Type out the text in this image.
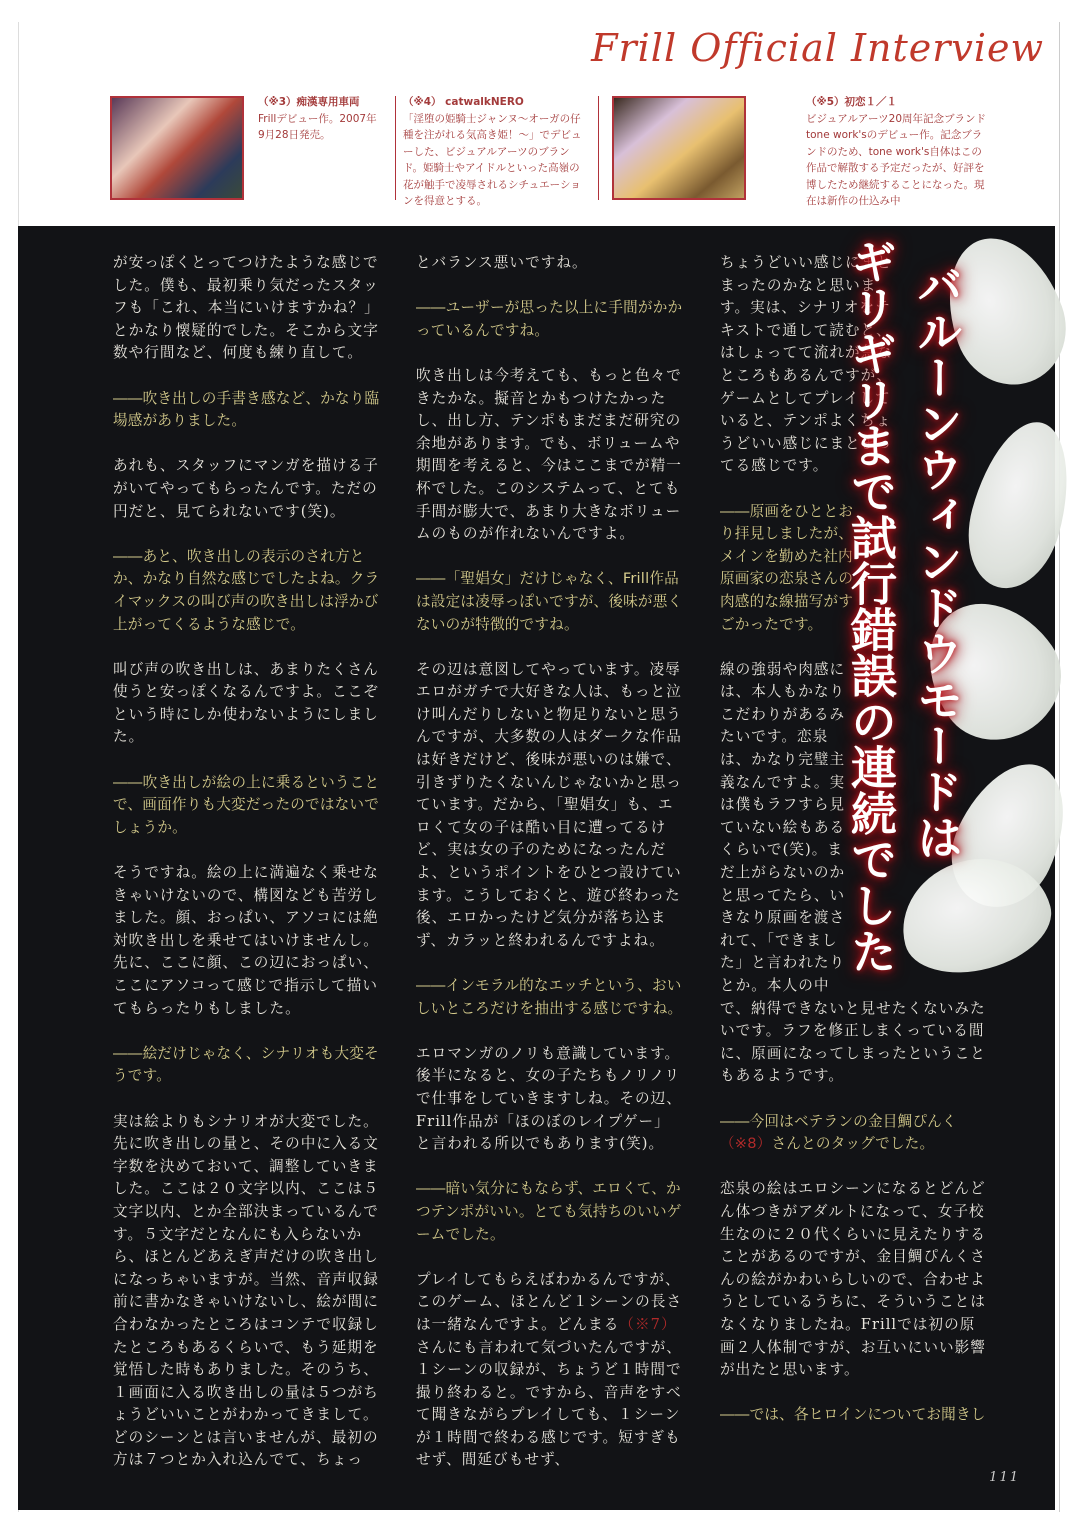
Frill Official Interview
（※3）痴漢専用車両
Frillデビュー作。2007年9月28日発売。
（※4） catwalkNERO
「淫堕の姫騎士ジャンヌ～オーガの仔種を注がれる気高き姫！～」でデビューした、ビジュアルアーツのブランド。姫騎士やアイドルといった高嶺の花が触手で凌辱されるシチュエーションを得意とする。
（※5）初恋１／１
ビジュアルアーツ20周年記念ブランドtone work'sのデビュー作。記念ブランドのため、tone work's自体はこの作品で解散する予定だったが、好評を博したため継続することになった。現在は新作の仕込み中

が安っぽくとってつけたような感じでした。僕も、最初乗り気だったスタッフも「これ、本当にいけますかね？」とかなり懐疑的でした。そこから文字数や行間など、何度も練り直して。

――吹き出しの手書き感など、かなり臨場感がありました。

あれも、スタッフにマンガを描ける子がいてやってもらったんです。ただの円だと、見てられないです(笑)。

――あと、吹き出しの表示のされ方とか、かなり自然な感じでしたよね。クライマックスの叫び声の吹き出しは浮かび上がってくるような感じで。

叫び声の吹き出しは、あまりたくさん使うと安っぽくなるんですよ。ここぞという時にしか使わないようにしました。

――吹き出しが絵の上に乗るということで、画面作りも大変だったのではないでしょうか。

そうですね。絵の上に満遍なく乗せなきゃいけないので、構図なども苦労しました。顔、おっぱい、アソコには絶対吹き出しを乗せてはいけませんし。先に、ここに顔、この辺におっぱい、ここにアソコって感じで指示して描いてもらったりもしました。

――絵だけじゃなく、シナリオも大変そうです。

実は絵よりもシナリオが大変でした。先に吹き出しの量と、その中に入る文字数を決めておいて、調整していきました。ここは２０文字以内、ここは５文字以内、とか全部決まっているんです。５文字だとなんにも入らないから、ほとんどあえぎ声だけの吹き出しになっちゃいますが。当然、音声収録前に書かなきゃいけないし、絵が間に合わなかったところはコンテで収録したところもあるくらいで、もう延期を覚悟した時もありました。そのうち、１画面に入る吹き出しの量は５つがちょうどいいことがわかってきまして。どのシーンとは言いませんが、最初の方は７つとか入れ込んでて、ちょっ

とバランス悪いですね。

――ユーザーが思った以上に手間がかかっているんですね。

吹き出しは今考えても、もっと色々できたかな。擬音とかもつけたかったし、出し方、テンポもまだまだ研究の余地があります。でも、ボリュームや期間を考えると、今はここまでが精一杯でした。このシステムって、とても手間が膨大で、あまり大きなボリュームのものが作れないんですよ。

――「聖娼女」だけじゃなく、Frill作品は設定は凌辱っぽいですが、後味が悪くないのが特徴的ですね。

その辺は意図してやっています。凌辱エロがガチで大好きな人は、もっと泣け叫んだりしないと物足りないと思うんですが、大多数の人はダークな作品は好きだけど、後味が悪いのは嫌で、引きずりたくないんじゃないかと思っています。だから、「聖娼女」も、エロくて女の子は酷い目に遭ってるけど、実は女の子のためになったんだよ、というポイントをひとつ設けています。こうしておくと、遊び終わった後、エロかったけど気分が落ち込まず、カラッと終われるんですよね。

――インモラル的なエッチという、おいしいところだけを抽出する感じですね。

エロマンガのノリも意識しています。後半になると、女の子たちもノリノリで仕事をしていきますしね。その辺、Frill作品が「ほのぼのレイプゲー」と言われる所以でもあります(笑)。

――暗い気分にもならず、エロくて、かつテンポがいい。とても気持ちのいいゲームでした。

プレイしてもらえばわかるんですが、このゲーム、ほとんど１シーンの長さは一緒なんですよ。どんまる（※7）さんにも言われて気づいたんですが、１シーンの収録が、ちょうど１時間で撮り終わると。ですから、音声をすべて聞きながらプレイしても、１シーンが１時間で終わる感じです。短すぎもせず、間延びもせず、

ちょうどいい感じにまとまったのかなと思います。実は、シナリオをテキストで通して読むと、はしょってて流れが急なところもあるんですが、ゲームとしてプレイしていると、テンポよくちょうどいい感じにまとまってる感じです。

――原画をひととおり拝見しましたが、メインを勤めた社内原画家の恋泉さんの肉感的な線描写がすごかったです。

線の強弱や肉感には、本人もかなりこだわりがあるみたいです。恋泉は、かなり完璧主義なんですよ。実は僕もラフすら見ていない絵もあるくらいで(笑)。まだ上がらないのかと思ってたら、いきなり原画を渡されて、「できました」と言われたりとか。本人の中で、納得できないと見せたくないみたいです。ラフを修正しまくっている間に、原画になってしまったということもあるようです。

――今回はベテランの金目鯛ぴんく（※8）さんとのタッグでした。

恋泉の絵はエロシーンになるとどんどん体つきがアダルトになって、女子校生なのに２０代くらいに見えたりすることがあるのですが、金目鯛ぴんくさんの絵がかわいらしいので、合わせようとしているうちに、そういうことはなくなりましたね。Frillでは初の原画２人体制ですが、お互いにいい影響が出たと思います。

――では、各ヒロインについてお聞きし

バルーンウィンドウモードは
ギリギリまで試行錯誤の連続でした
111
